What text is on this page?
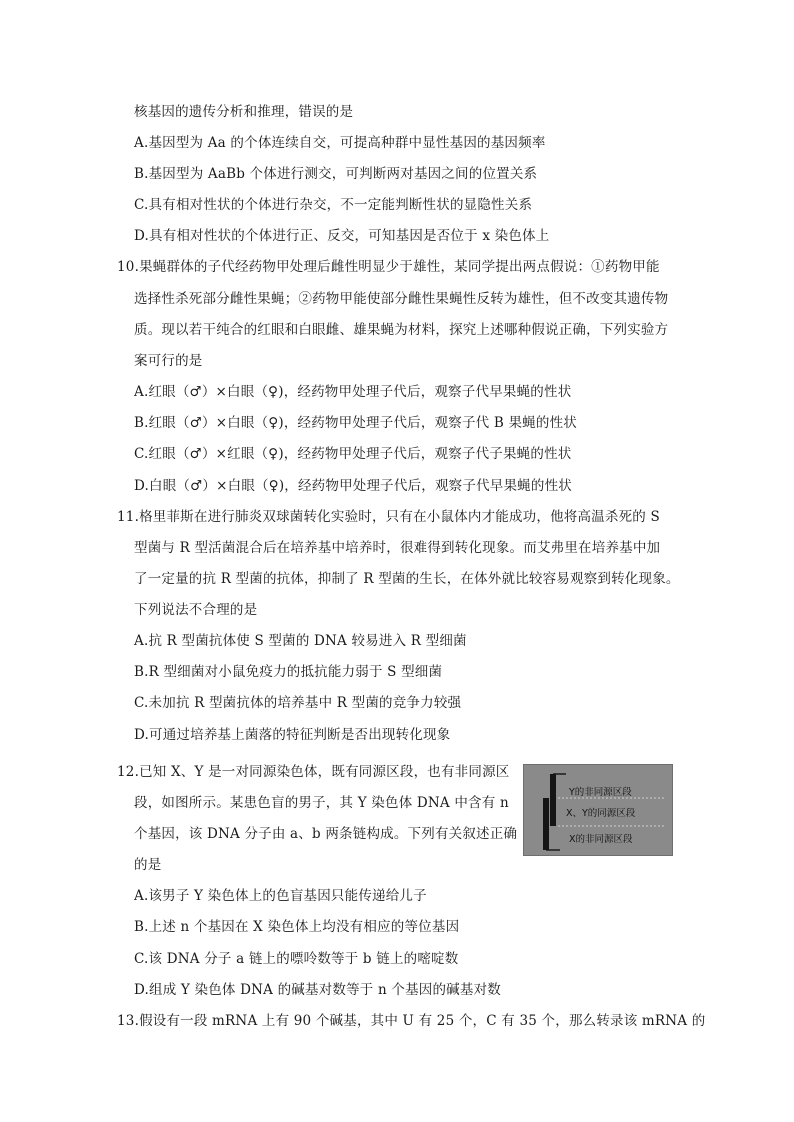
核基因的遗传分析和推理，错误的是
A.基因型为 Aa 的个体连续自交，可提高种群中显性基因的基因频率
B.基因型为 AaBb 个体进行测交，可判断两对基因之间的位置关系
C.具有相对性状的个体进行杂交，不一定能判断性状的显隐性关系
D.具有相对性状的个体进行正、反交，可知基因是否位于 x 染色体上
10.果蝇群体的子代经药物甲处理后雌性明显少于雄性，某同学提出两点假说：①药物甲能
选择性杀死部分雌性果蝇；②药物甲能使部分雌性果蝇性反转为雄性，但不改变其遗传物
质。现以若干纯合的红眼和白眼雌、雄果蝇为材料，探究上述哪种假说正确，下列实验方
案可行的是
A.红眼（♂）×白眼（♀)，经药物甲处理子代后，观察子代早果蝇的性状
B.红眼（♂）×白眼（♀)，经药物甲处理子代后，观察子代 B 果蝇的性状
C.红眼（♂）×红眼（♀)，经药物甲处理子代后，观察子代子果蝇的性状
D.白眼（♂）×白眼（♀)，经药物甲处理子代后，观察子代早果蝇的性状
11.格里菲斯在进行肺炎双球菌转化实验时，只有在小鼠体内才能成功，他将高温杀死的 S
型菌与 R 型活菌混合后在培养基中培养时，很难得到转化现象。而艾弗里在培养基中加
了一定量的抗 R 型菌的抗体，抑制了 R 型菌的生长，在体外就比较容易观察到转化现象。
下列说法不合理的是
A.抗 R 型菌抗体使 S 型菌的 DNA 较易进入 R 型细菌
B.R 型细菌对小鼠免疫力的抵抗能力弱于 S 型细菌
C.未加抗 R 型菌抗体的培养基中 R 型菌的竞争力较强
D.可通过培养基上菌落的特征判断是否出现转化现象
12.已知 X、Y 是一对同源染色体，既有同源区段，也有非同源区
段，如图所示。某患色盲的男子，其 Y 染色体 DNA 中含有 n
个基因，该 DNA 分子由 a、b 两条链构成。下列有关叙述正确
的是
A.该男子 Y 染色体上的色盲基因只能传递给儿子
B.上述 n 个基因在 X 染色体上均没有相应的等位基因
C.该 DNA 分子 a 链上的嘌呤数等于 b 链上的嘧啶数
D.组成 Y 染色体 DNA 的碱基对数等于 n 个基因的碱基对数
Y的非同源区段
X、Y的同源区段
X的非同源区段
13.假设有一段 mRNA 上有 90 个碱基，其中 U 有 25 个，C 有 35 个，那么转录该 mRNA 的
